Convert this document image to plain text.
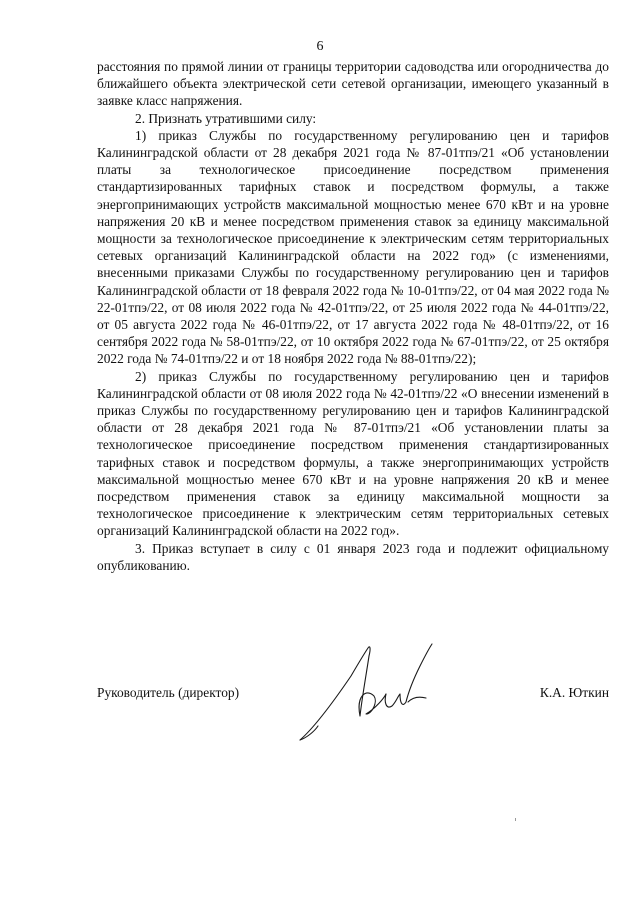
6

расстояния по прямой линии от границы территории садоводства или огородничества до ближайшего объекта электрической сети сетевой организации, имеющего указанный в заявке класс напряжения.

2. Признать утратившими силу:

1) приказ Службы по государственному регулированию цен и тарифов Калининградской области от 28 декабря 2021 года № 87-01тпэ/21 «Об установлении платы за технологическое присоединение посредством применения стандартизированных тарифных ставок и посредством формулы, а также энергопринимающих устройств максимальной мощностью менее 670 кВт и на уровне напряжения 20 кВ и менее посредством применения ставок за единицу максимальной мощности за технологическое присоединение к электрическим сетям территориальных сетевых организаций Калининградской области на 2022 год» (с изменениями, внесенными приказами Службы по государственному регулированию цен и тарифов Калининградской области от 18 февраля 2022 года № 10-01тпэ/22, от 04 мая 2022 года № 22-01тпэ/22, от 08 июля 2022 года № 42-01тпэ/22, от 25 июля 2022 года № 44-01тпэ/22, от 05 августа 2022 года № 46-01тпэ/22, от 17 августа 2022 года № 48-01тпэ/22, от 16 сентября 2022 года № 58-01тпэ/22, от 10 октября 2022 года № 67-01тпэ/22, от 25 октября 2022 года № 74-01тпэ/22 и от 18 ноября 2022 года № 88-01тпэ/22);

2) приказ Службы по государственному регулированию цен и тарифов Калининградской области от 08 июля 2022 года № 42-01тпэ/22 «О внесении изменений в приказ Службы по государственному регулированию цен и тарифов Калининградской области от 28 декабря 2021 года № 87-01тпэ/21 «Об установлении платы за технологическое присоединение посредством применения стандартизированных тарифных ставок и посредством формулы, а также энергопринимающих устройств максимальной мощностью менее 670 кВт и на уровне напряжения 20 кВ и менее посредством применения ставок за единицу максимальной мощности за технологическое присоединение к электрическим сетям территориальных сетевых организаций Калининградской области на 2022 год».

3. Приказ вступает в силу с 01 января 2023 года и подлежит официальному опубликованию.

Руководитель (директор)	К.А. Юткин
